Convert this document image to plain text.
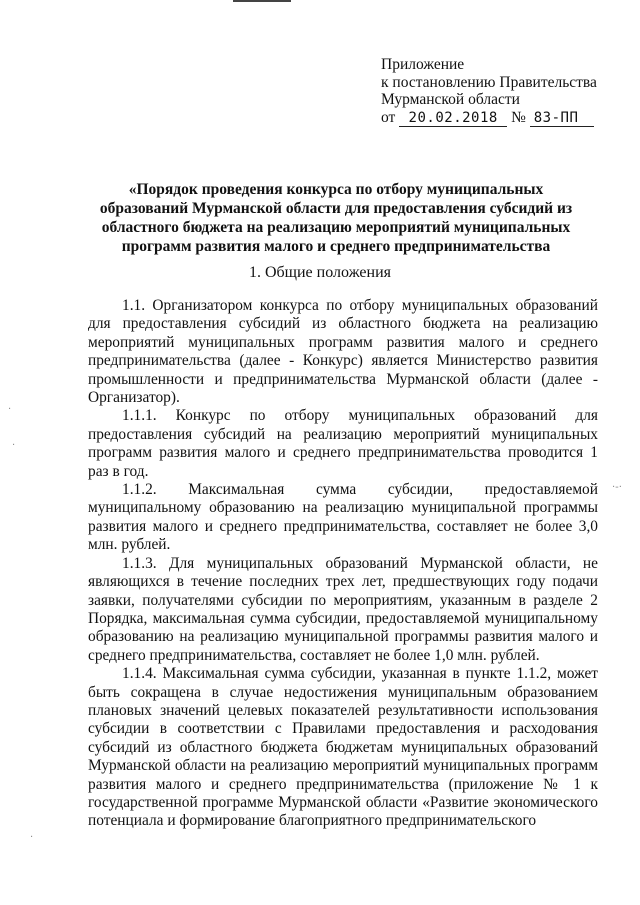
Приложение
к постановлению Правительства
Мурманской области
от 20.02.2018 № 83-ПП
«Порядок проведения конкурса по отбору муниципальных образований Мурманской области для предоставления субсидий из областного бюджета на реализацию мероприятий муниципальных программ развития малого и среднего предпринимательства
1. Общие положения

1.1. Организатором конкурса по отбору муниципальных образований для предоставления субсидий из областного бюджета на реализацию мероприятий муниципальных программ развития малого и среднего предпринимательства (далее - Конкурс) является Министерство развития промышленности и предпринимательства Мурманской области (далее - Организатор).

1.1.1. Конкурс по отбору муниципальных образований для предоставления субсидий на реализацию мероприятий муниципальных программ развития малого и среднего предпринимательства проводится 1 раз в год.

1.1.2. Максимальная сумма субсидии, предоставляемой муниципальному образованию на реализацию муниципальной программы развития малого и среднего предпринимательства, составляет не более 3,0 млн. рублей.

1.1.3. Для муниципальных образований Мурманской области, не являющихся в течение последних трех лет, предшествующих году подачи заявки, получателями субсидии по мероприятиям, указанным в разделе 2 Порядка, максимальная сумма субсидии, предоставляемой муниципальному образованию на реализацию муниципальной программы развития малого и среднего предпринимательства, составляет не более 1,0 млн. рублей.

1.1.4. Максимальная сумма субсидии, указанная в пункте 1.1.2, может быть сокращена в случае недостижения муниципальным образованием плановых значений целевых показателей результативности использования субсидии в соответствии с Правилами предоставления и расходования субсидий из областного бюджета бюджетам муниципальных образований Мурманской области на реализацию мероприятий муниципальных программ развития малого и среднего предпринимательства (приложение № 1 к государственной программе Мурманской области «Развитие экономического потенциала и формирование благоприятного предпринимательского

·
·
·-·
·
